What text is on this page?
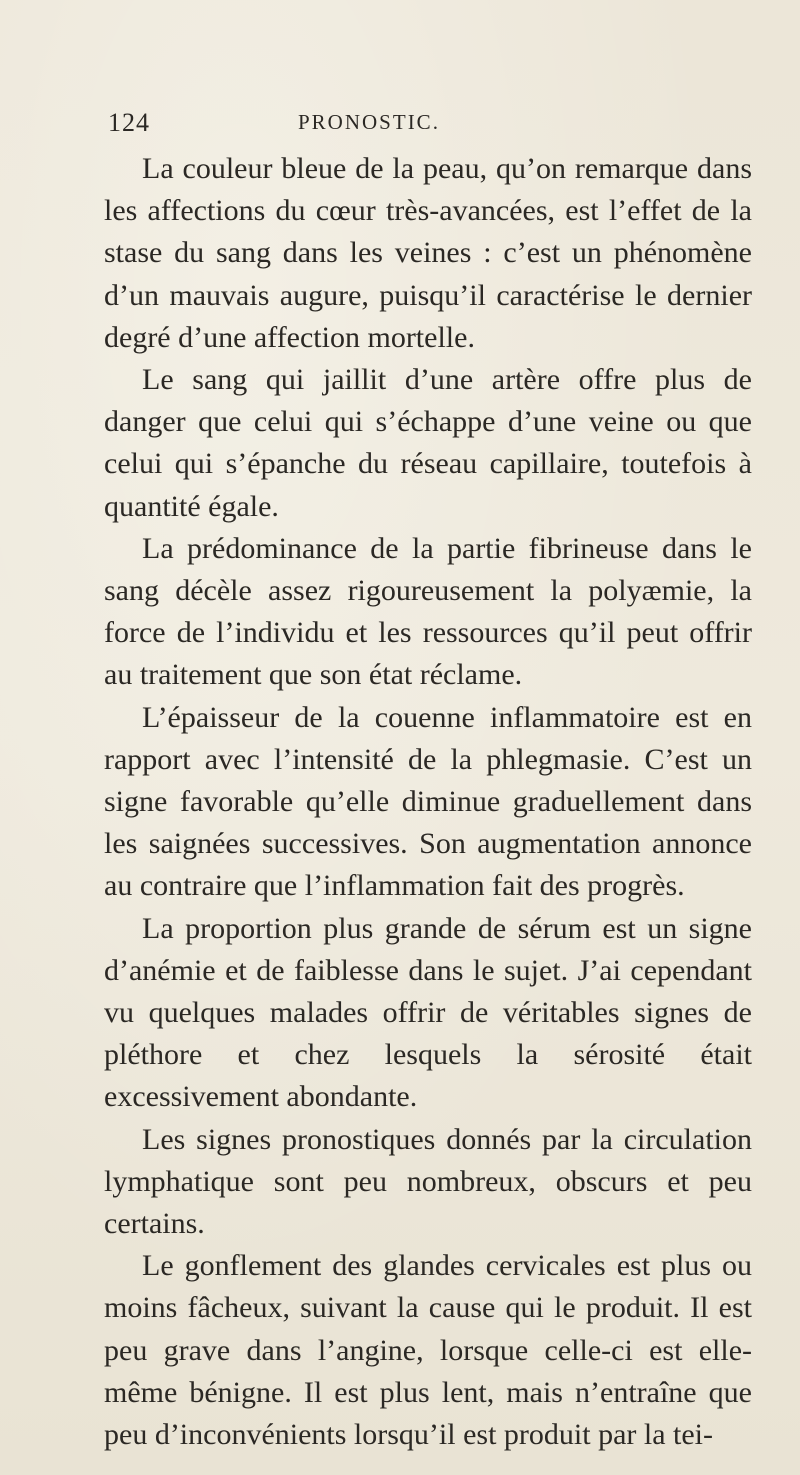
124	PRONOSTIC.

La couleur bleue de la peau, qu’on remarque dans les affections du cœur très-avancées, est l’effet de la stase du sang dans les veines : c’est un phénomène d’un mauvais augure, puisqu’il caractérise le dernier degré d’une affection mortelle.

Le sang qui jaillit d’une artère offre plus de danger que celui qui s’échappe d’une veine ou que celui qui s’épanche du réseau capillaire, toutefois à quantité égale.

La prédominance de la partie fibrineuse dans le sang décèle assez rigoureusement la polyæmie, la force de l’individu et les ressources qu’il peut offrir au traitement que son état réclame.

L’épaisseur de la couenne inflammatoire est en rapport avec l’intensité de la phlegmasie. C’est un signe favorable qu’elle diminue graduellement dans les saignées successives. Son augmentation annonce au contraire que l’inflammation fait des progrès.

La proportion plus grande de sérum est un signe d’anémie et de faiblesse dans le sujet. J’ai cependant vu quelques malades offrir de véritables signes de pléthore et chez lesquels la sérosité était excessivement abondante.

Les signes pronostiques donnés par la circulation lymphatique sont peu nombreux, obscurs et peu certains.

Le gonflement des glandes cervicales est plus ou moins fâcheux, suivant la cause qui le produit. Il est peu grave dans l’angine, lorsque celle-ci est elle-même bénigne. Il est plus lent, mais n’entraîne que peu d’inconvénients lorsqu’il est produit par la tei-
